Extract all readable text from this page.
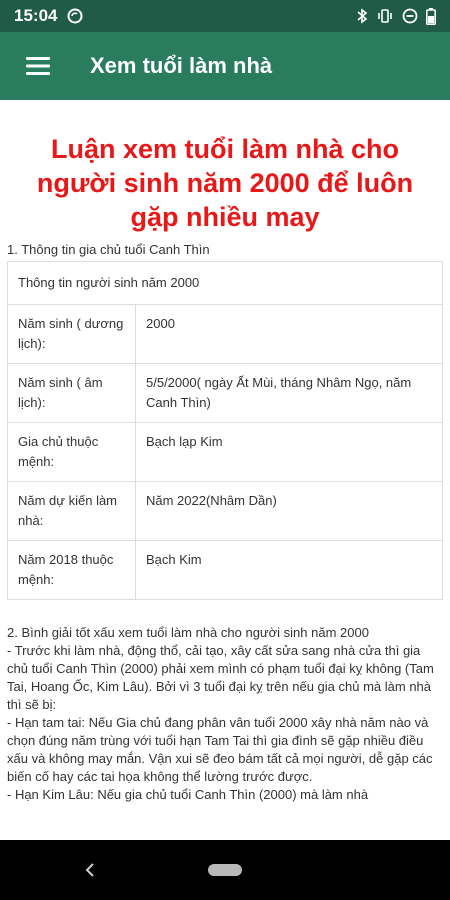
15:04
Xem tuổi làm nhà
Luận xem tuổi làm nhà cho người sinh năm 2000 để luôn gặp nhiều may
1. Thông tin gia chủ tuổi Canh Thìn
Thông tin người sinh năm 2000	
Năm sinh ( dương lịch):	2000
Năm sinh ( âm lịch):	5/5/2000( ngày Ất Mùi, tháng Nhâm Ngọ, năm Canh Thìn)
Gia chủ thuộc mệnh:	Bạch lạp Kim
Năm dự kiến làm nhà:	Năm 2022(Nhâm Dần)
Năm 2018 thuộc mệnh:	Bạch Kim

2. Bình giải tốt xấu xem tuổi làm nhà cho người sinh năm 2000

- Trước khi làm nhà, động thổ, cải tạo, xây cất sửa sang nhà cửa thì gia chủ tuổi Canh Thìn (2000) phải xem mình có phạm tuổi đại kỵ không (Tam Tai, Hoang Ốc, Kim Lâu). Bởi vì 3 tuổi đại kỵ trên nếu gia chủ mà làm nhà thì sẽ bị:

- Hạn tam tai: Nếu Gia chủ đang phân vân tuổi 2000 xây nhà năm nào và chọn đúng năm trùng với tuổi hạn Tam Tai thì gia đình sẽ gặp nhiều điều xấu và không may mắn. Vận xui sẽ đeo bám tất cả mọi người, dễ gặp các biến cố hay các tai họa không thể lường trước được.

- Hạn Kim Lâu: Nếu gia chủ tuổi Canh Thìn (2000) mà làm nhà
